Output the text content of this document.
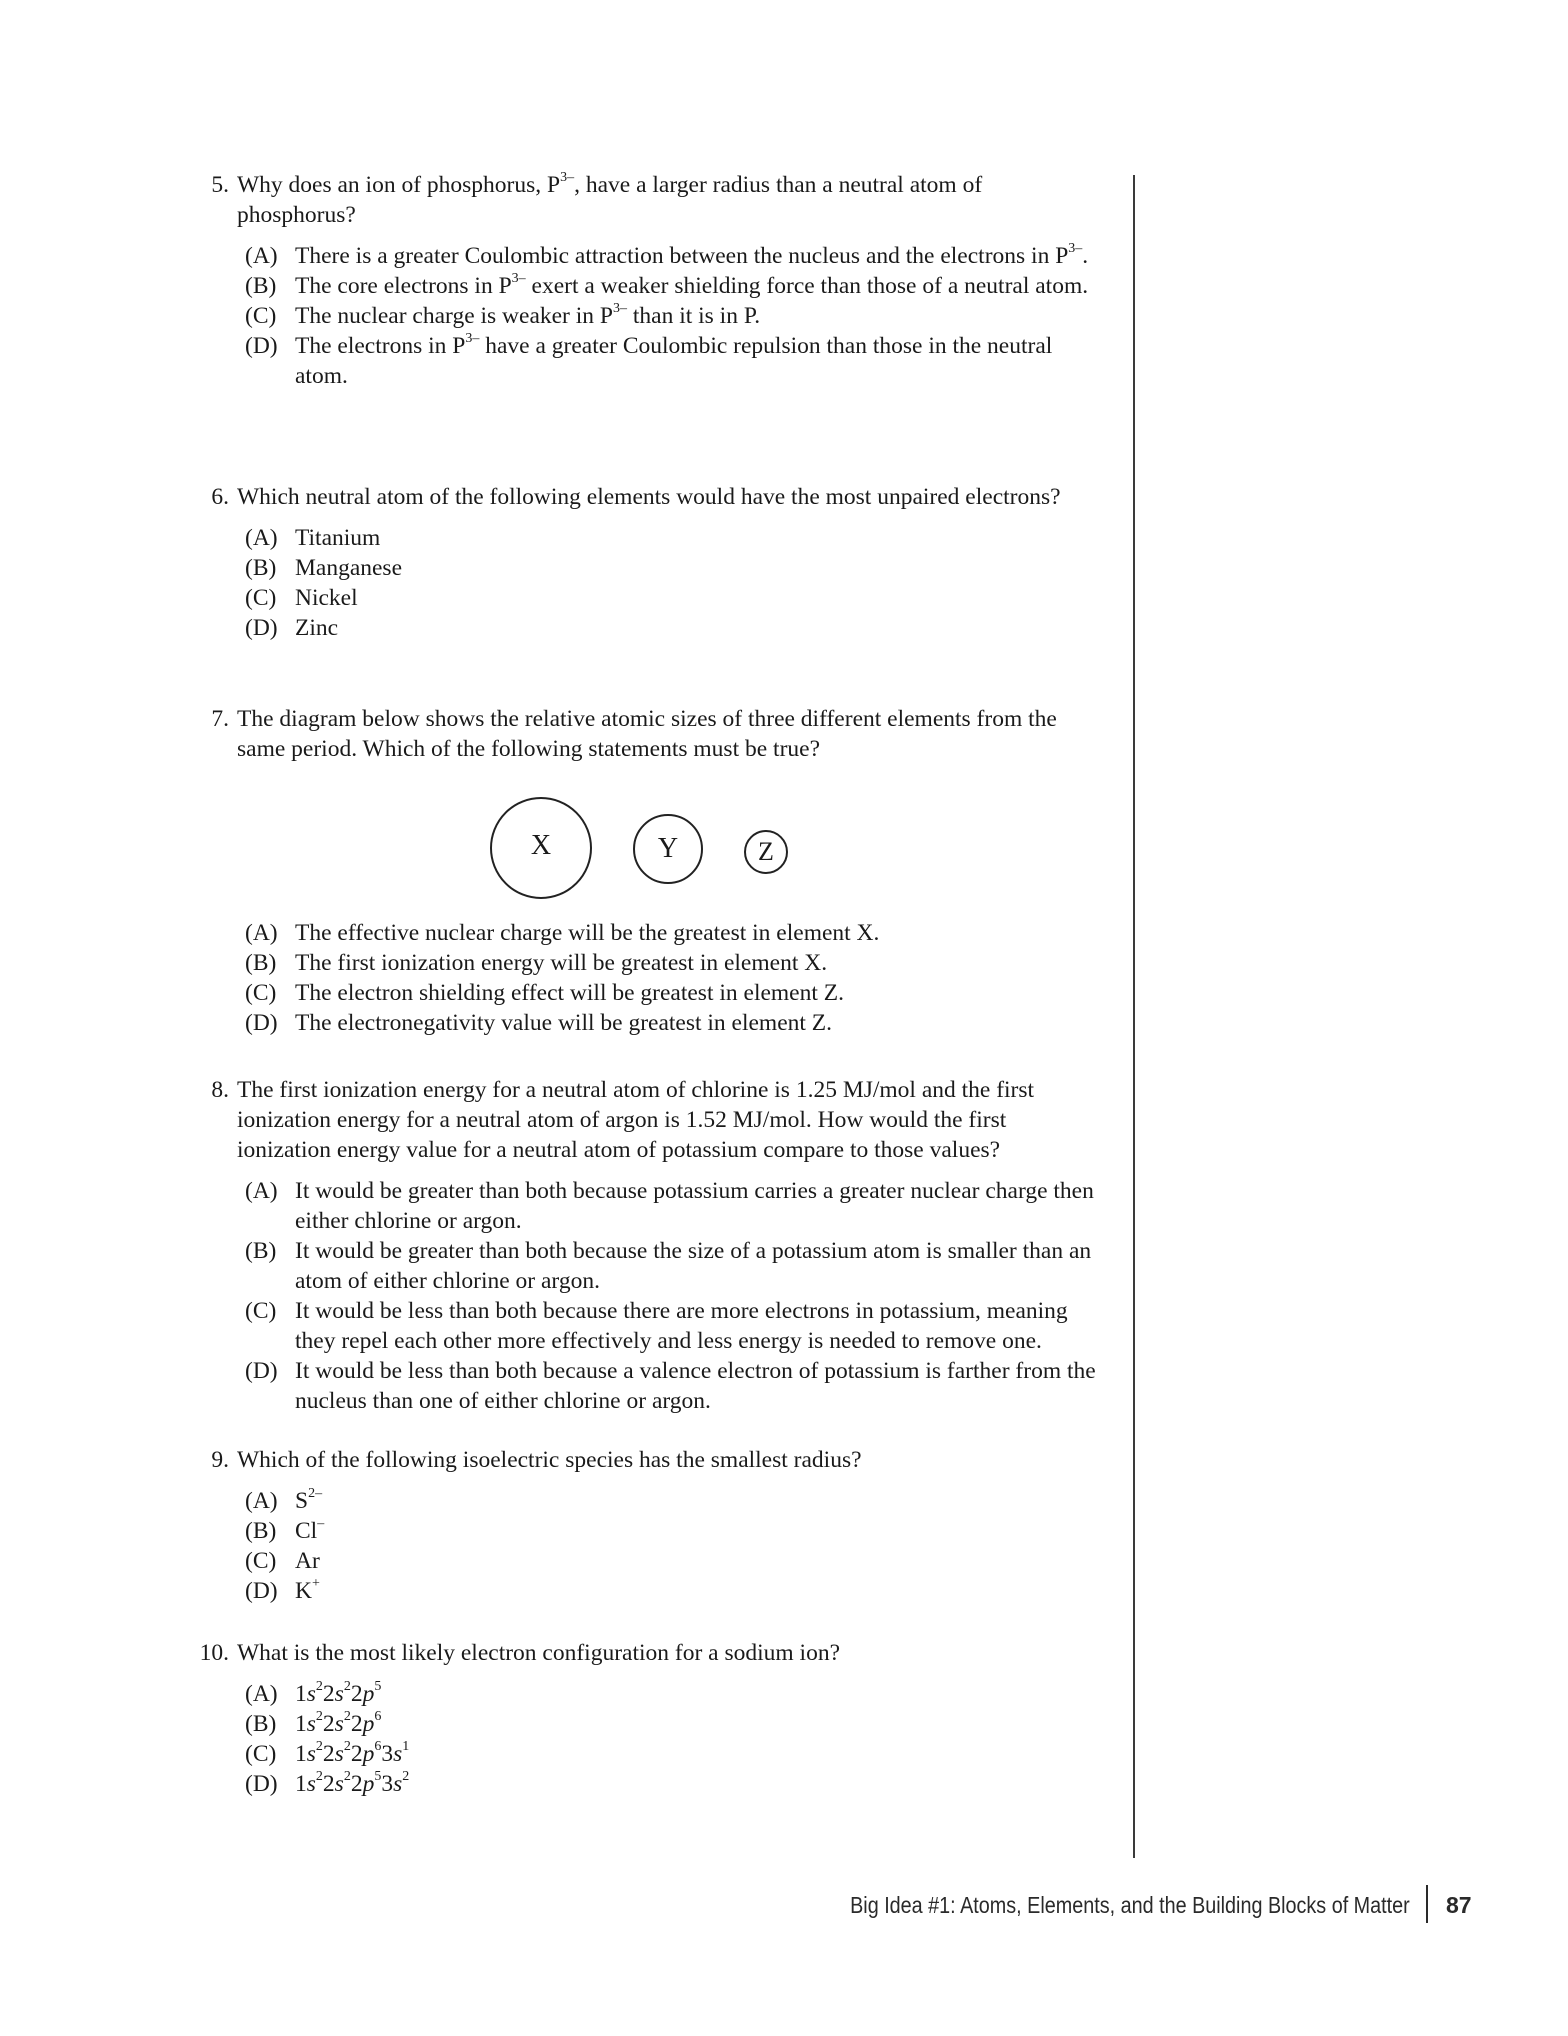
5. Why does an ion of phosphorus, $P^{3-}$, have a larger radius than a neutral atom of phosphorus?
(A) There is a greater Coulombic attraction between the nucleus and the electrons in $P^{3-}$.
(B) The core electrons in $P^{3-}$ exert a weaker shielding force than those of a neutral atom.
(C) The nuclear charge is weaker in $P^{3-}$ than it is in P.
(D) The electrons in $P^{3-}$ have a greater Coulombic repulsion than those in the neutral atom.
6. Which neutral atom of the following elements would have the most unpaired electrons?
(A) Titanium
(B) Manganese
(C) Nickel
(D) Zinc
7. The diagram below shows the relative atomic sizes of three different elements from the same period. Which of the following statements must be true?
X	Y	Z
(A) The effective nuclear charge will be the greatest in element X.
(B) The first ionization energy will be greatest in element X.
(C) The electron shielding effect will be greatest in element Z.
(D) The electronegativity value will be greatest in element Z.
8. The first ionization energy for a neutral atom of chlorine is 1.25 MJ/mol and the first ionization energy for a neutral atom of argon is 1.52 MJ/mol. How would the first ionization energy value for a neutral atom of potassium compare to those values?
(A) It would be greater than both because potassium carries a greater nuclear charge then either chlorine or argon.
(B) It would be greater than both because the size of a potassium atom is smaller than an atom of either chlorine or argon.
(C) It would be less than both because there are more electrons in potassium, meaning they repel each other more effectively and less energy is needed to remove one.
(D) It would be less than both because a valence electron of potassium is farther from the nucleus than one of either chlorine or argon.
9. Which of the following isoelectric species has the smallest radius?
(A) $S^{2-}$
(B) Cl–
(C) Ar
(D) K+
10. What is the most likely electron configuration for a sodium ion?
(A) $1s^22s^22p^5$
(B) $1s^22s^22p^6$
(C) $1s^22s^22p^63s^1$
(D) $1s^22s^22p^53s^2$
Big Idea #1: Atoms, Elements, and the Building Blocks of Matter 87
